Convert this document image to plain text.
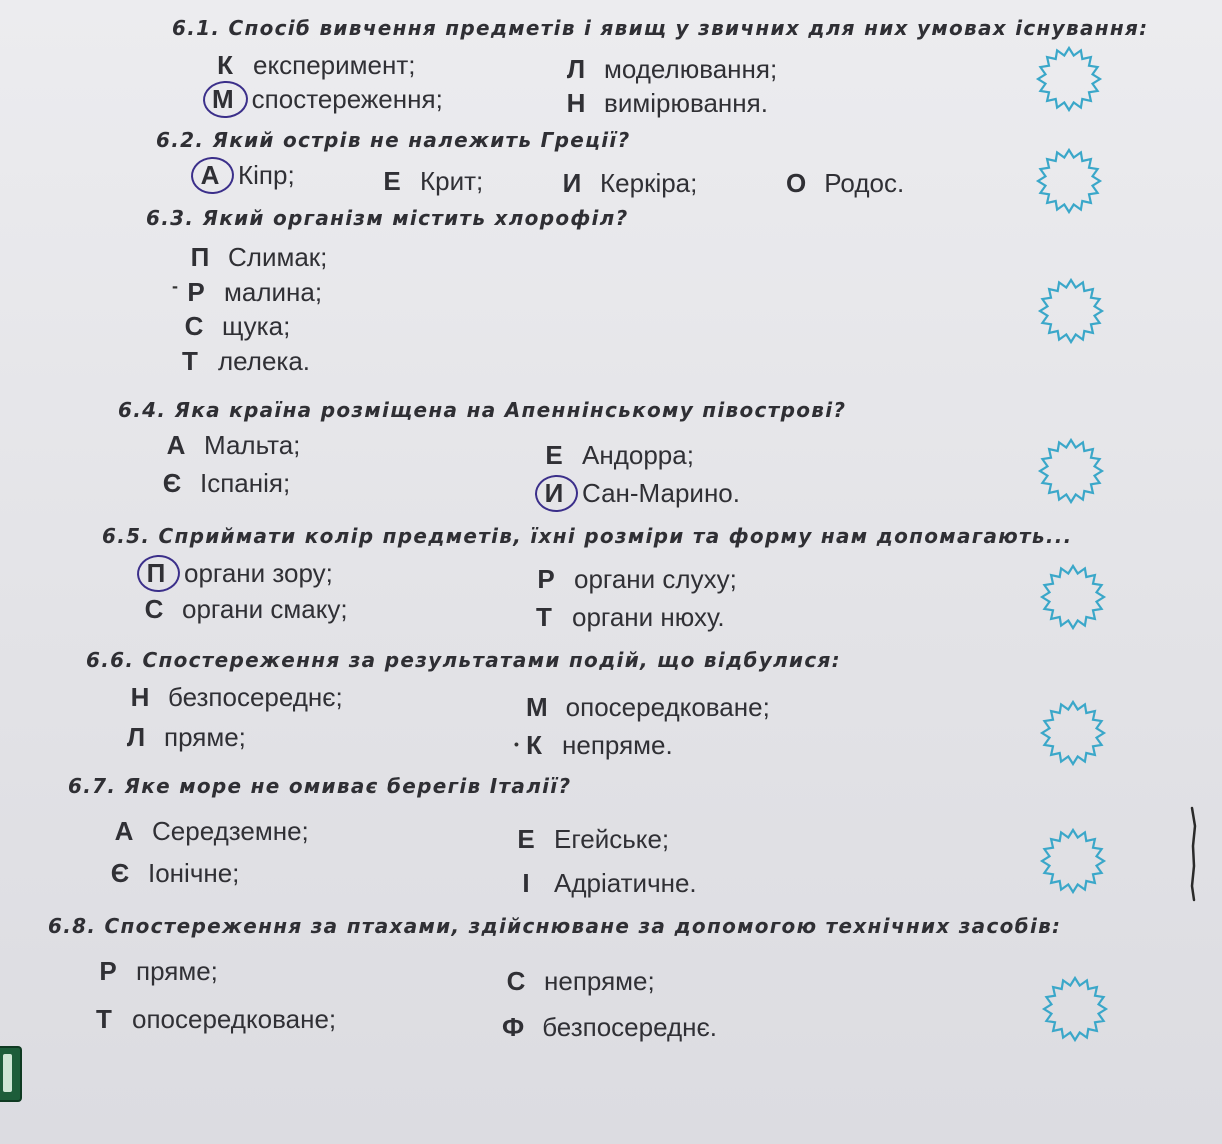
6.1. Спосіб вивчення предметів і явищ у звичних для них умовах існування:
К експеримент;	Л моделювання;
М спостереження;	Н вимірювання.
6.2. Який острів не належить Греції?
А Кіпр;	Е Крит;	И Керкіра;	О Родос.
6.3. Який організм містить хлорофіл?
П Слимак;
- Р малина;
С щука;
Т лелека.
6.4. Яка країна розміщена на Апеннінському півострові?
А Мальта;	Е Андорра;
Є Іспанія;	И Сан-Марино.
6.5. Сприймати колір предметів, їхні розміри та форму нам допомагають...
П органи зору;	Р органи слуху;
С органи смаку;	Т органи нюху.
6.6. Спостереження за результатами подій, що відбулися:
Н безпосереднє;	М опосередковане;
Л пряме;	• К непряме.
6.7. Яке море не омиває берегів Італії?
А Середземне;	Е Егейське;
Є Іонічне;	І Адріатичне.
6.8. Спостереження за птахами, здійснюване за допомогою технічних засобів:
Р пряме;	С непряме;
Т опосередковане;	Ф безпосереднє.
